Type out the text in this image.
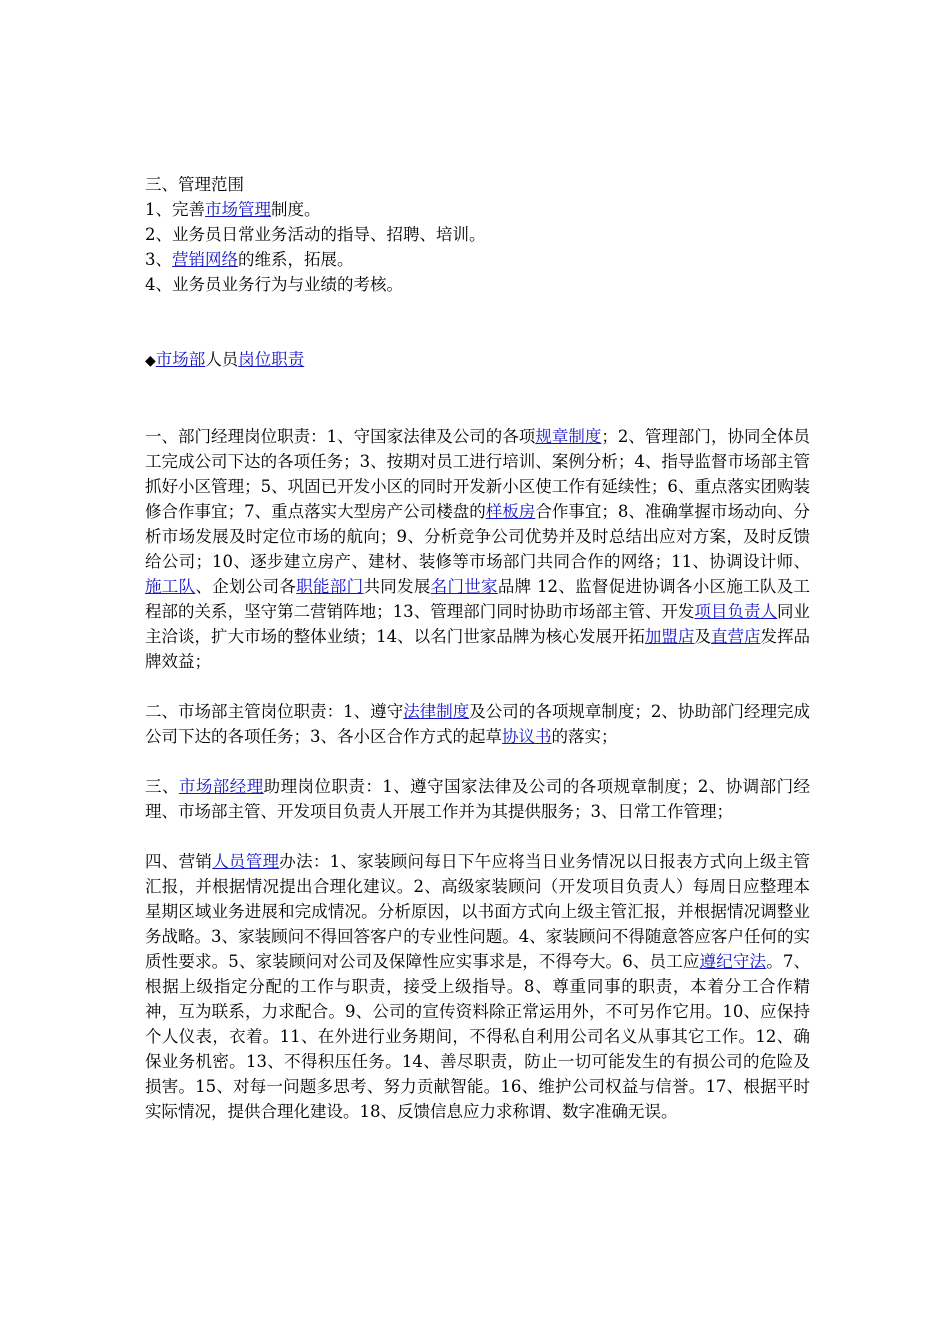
三、管理范围
1、完善市场管理制度。
2、业务员日常业务活动的指导、招聘、培训。
3、营销网络的维系，拓展。
4、业务员业务行为与业绩的考核。
◆市场部人员岗位职责
一、部门经理岗位职责：1、守国家法律及公司的各项规章制度；2、管理部门，协同全体员工完成公司下达的各项任务；3、按期对员工进行培训、案例分析；4、指导监督市场部主管抓好小区管理；5、巩固已开发小区的同时开发新小区使工作有延续性；6、重点落实团购装修合作事宜；7、重点落实大型房产公司楼盘的样板房合作事宜；8、准确掌握市场动向、分析市场发展及时定位市场的航向；9、分析竞争公司优势并及时总结出应对方案，及时反馈给公司；10、逐步建立房产、建材、装修等市场部门共同合作的网络；11、协调设计师、施工队、企划公司各职能部门共同发展名门世家品牌 12、监督促进协调各小区施工队及工程部的关系，坚守第二营销阵地；13、管理部门同时协助市场部主管、开发项目负责人同业主洽谈，扩大市场的整体业绩；14、以名门世家品牌为核心发展开拓加盟店及直营店发挥品牌效益；
二、市场部主管岗位职责：1、遵守法律制度及公司的各项规章制度；2、协助部门经理完成公司下达的各项任务；3、各小区合作方式的起草协议书的落实；
三、市场部经理助理岗位职责：1、遵守国家法律及公司的各项规章制度；2、协调部门经理、市场部主管、开发项目负责人开展工作并为其提供服务；3、日常工作管理；
四、营销人员管理办法：1、家装顾问每日下午应将当日业务情况以日报表方式向上级主管汇报，并根据情况提出合理化建议。2、高级家装顾问（开发项目负责人）每周日应整理本星期区域业务进展和完成情况。分析原因，以书面方式向上级主管汇报，并根据情况调整业务战略。3、家装顾问不得回答客户的专业性问题。4、家装顾问不得随意答应客户任何的实质性要求。5、家装顾问对公司及保障性应实事求是，不得夸大。6、员工应遵纪守法。7、根据上级指定分配的工作与职责，接受上级指导。8、尊重同事的职责，本着分工合作精神，互为联系，力求配合。9、公司的宣传资料除正常运用外，不可另作它用。10、应保持个人仪表，衣着。11、在外进行业务期间，不得私自利用公司名义从事其它工作。12、确保业务机密。13、不得积压任务。14、善尽职责，防止一切可能发生的有损公司的危险及损害。15、对每一问题多思考、努力贡献智能。16、维护公司权益与信誉。17、根据平时实际情况，提供合理化建设。18、反馈信息应力求称谓、数字准确无误。
